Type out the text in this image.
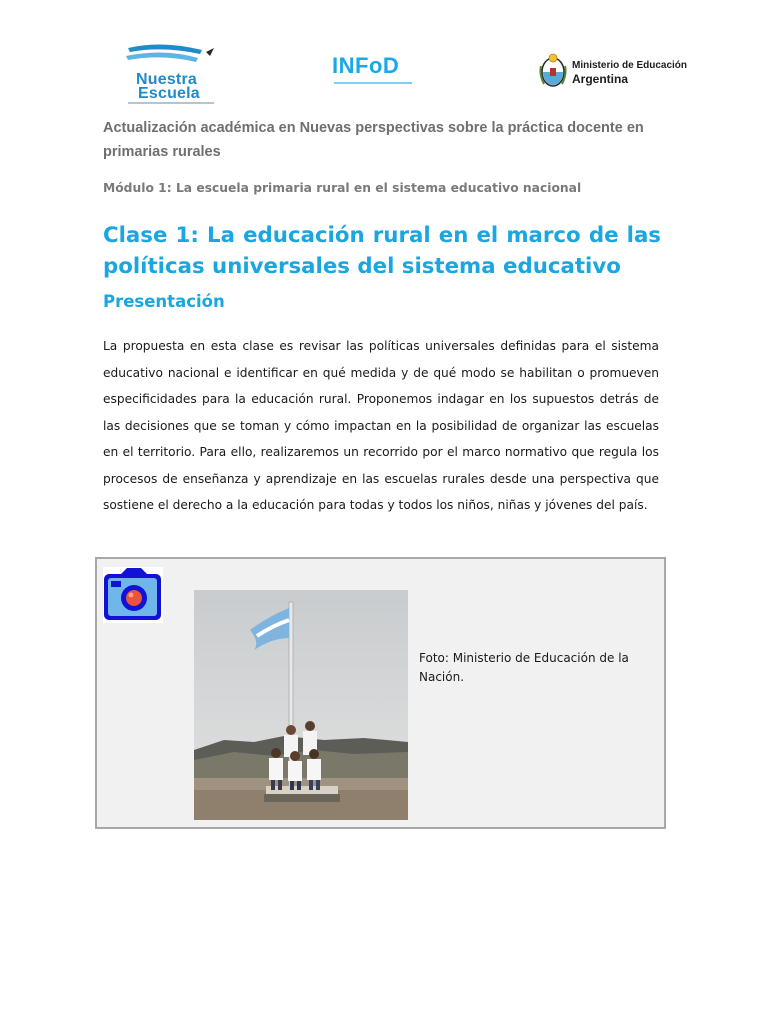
Nuestra
Escuela
INFoD	Ministerio de Educación
Argentina
Actualización académica en Nuevas perspectivas sobre la práctica docente en primarias rurales
Módulo 1: La escuela primaria rural en el sistema educativo nacional
Clase 1: La educación rural en el marco de las políticas universales del sistema educativo
Presentación
La propuesta en esta clase es revisar las políticas universales definidas para el sistema educativo nacional e identificar en qué medida y de qué modo se habilitan o promueven especificidades para la educación rural. Proponemos indagar en los supuestos detrás de las decisiones que se toman y cómo impactan en la posibilidad de organizar las escuelas en el territorio. Para ello, realizaremos un recorrido por el marco normativo que regula los procesos de enseñanza y aprendizaje en las escuelas rurales desde una perspectiva que sostiene el derecho a la educación para todas y todos los niños, niñas y jóvenes del país.
Foto: Ministerio de Educación de la Nación.
